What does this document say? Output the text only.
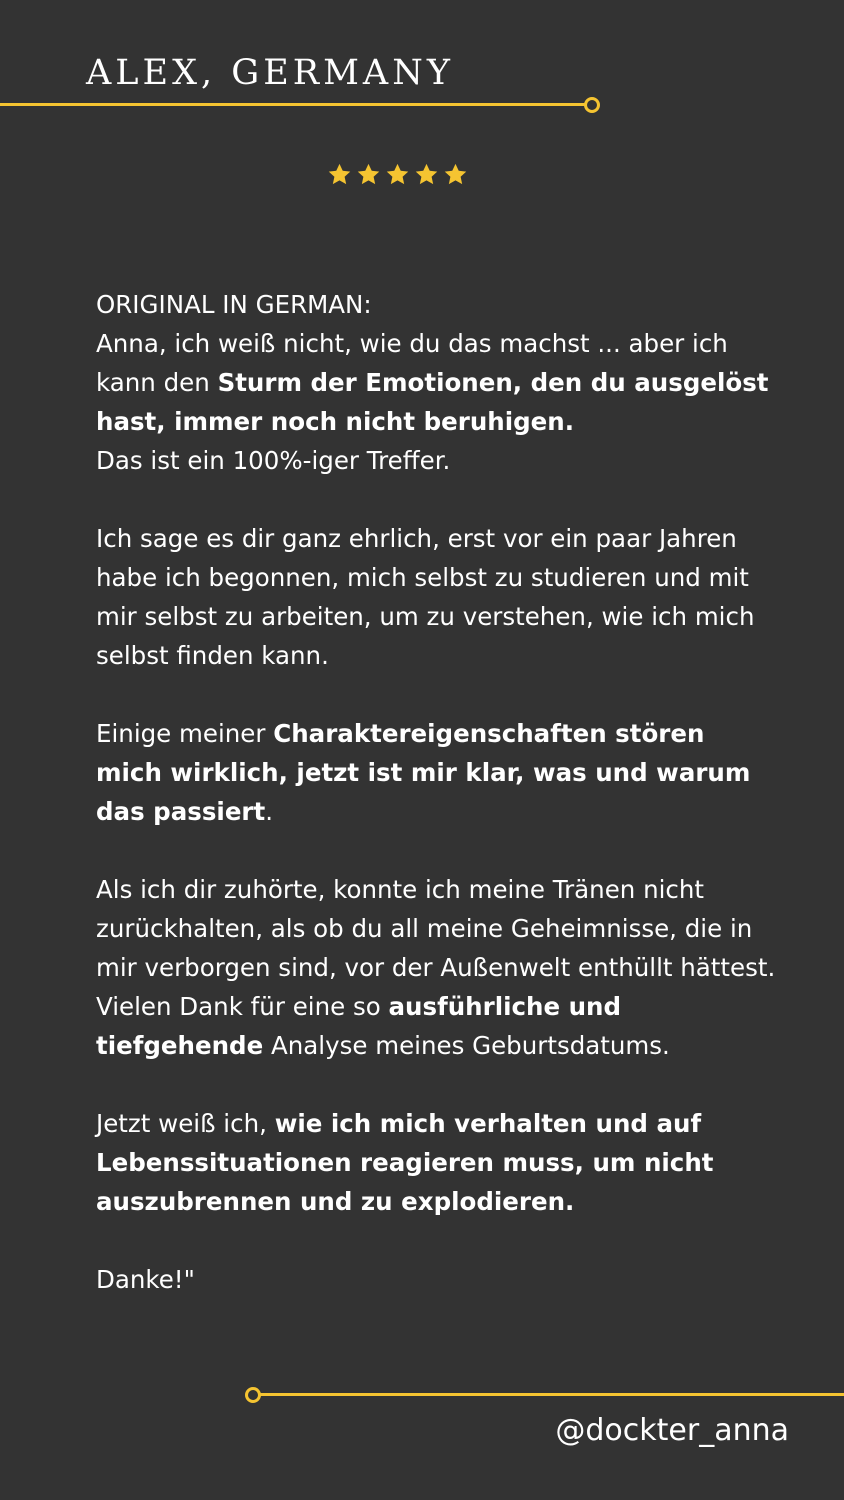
ALEX, GERMANY

ORIGINAL IN GERMAN:

Anna, ich weiß nicht, wie du das machst ... aber ich kann den Sturm der Emotionen, den du ausgelöst hast, immer noch nicht beruhigen.

Das ist ein 100%-iger Treffer.

Ich sage es dir ganz ehrlich, erst vor ein paar Jahren habe ich begonnen, mich selbst zu studieren und mit mir selbst zu arbeiten, um zu verstehen, wie ich mich selbst finden kann.

Einige meiner Charaktereigenschaften stören mich wirklich, jetzt ist mir klar, was und warum das passiert.

Als ich dir zuhörte, konnte ich meine Tränen nicht zurückhalten, als ob du all meine Geheimnisse, die in mir verborgen sind, vor der Außenwelt enthüllt hättest.

Vielen Dank für eine so ausführliche und tiefgehende Analyse meines Geburtsdatums.

Jetzt weiß ich, wie ich mich verhalten und auf Lebenssituationen reagieren muss, um nicht auszubrennen und zu explodieren.

Danke!"

@dockter_anna
